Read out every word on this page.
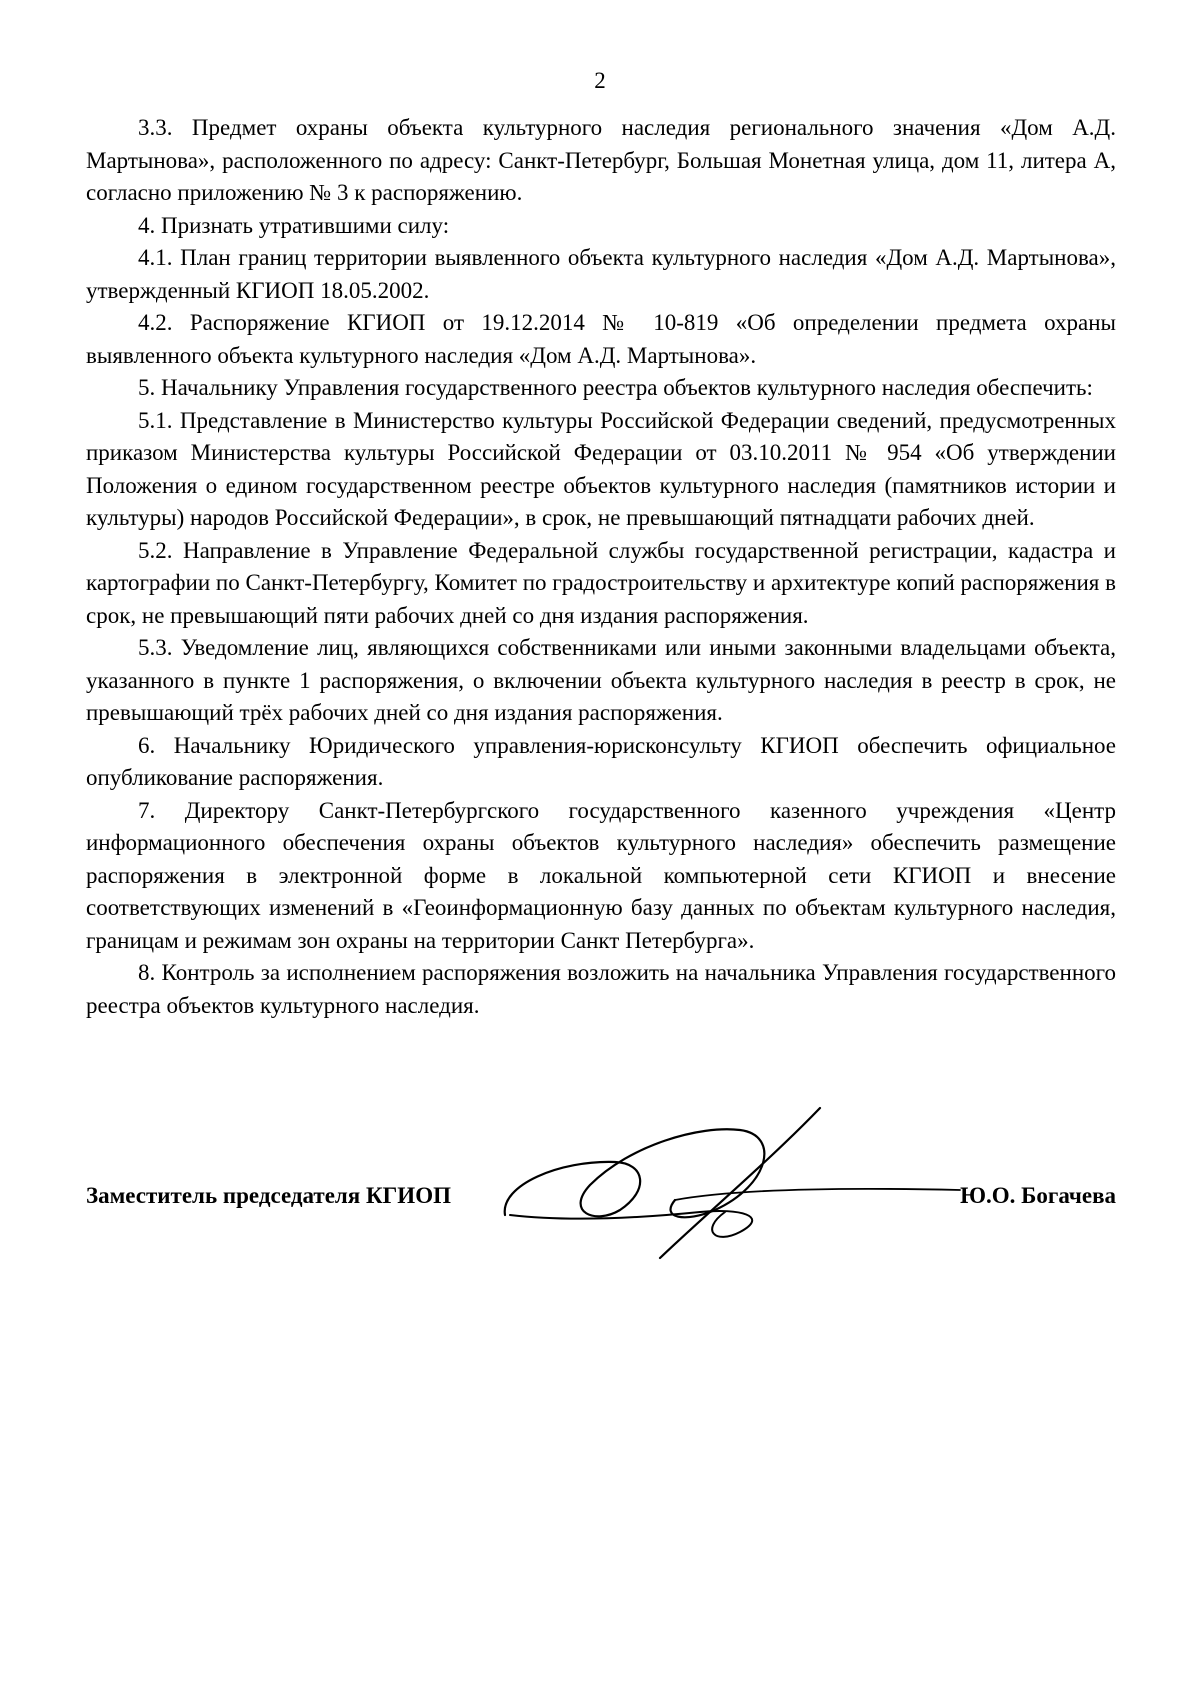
2

3.3. Предмет охраны объекта культурного наследия регионального значения «Дом А.Д. Мартынова», расположенного по адресу: Санкт-Петербург, Большая Монетная улица, дом 11, литера А, согласно приложению № 3 к распоряжению.

4. Признать утратившими силу:

4.1. План границ территории выявленного объекта культурного наследия «Дом А.Д. Мартынова», утвержденный КГИОП 18.05.2002.

4.2. Распоряжение КГИОП от 19.12.2014 № 10-819 «Об определении предмета охраны выявленного объекта культурного наследия «Дом А.Д. Мартынова».

5. Начальнику Управления государственного реестра объектов культурного наследия обеспечить:

5.1. Представление в Министерство культуры Российской Федерации сведений, предусмотренных приказом Министерства культуры Российской Федерации от 03.10.2011 № 954 «Об утверждении Положения о едином государственном реестре объектов культурного наследия (памятников истории и культуры) народов Российской Федерации», в срок, не превышающий пятнадцати рабочих дней.

5.2. Направление в Управление Федеральной службы государственной регистрации, кадастра и картографии по Санкт-Петербургу, Комитет по градостроительству и архитектуре копий распоряжения в срок, не превышающий пяти рабочих дней со дня издания распоряжения.

5.3. Уведомление лиц, являющихся собственниками или иными законными владельцами объекта, указанного в пункте 1 распоряжения, о включении объекта культурного наследия в реестр в срок, не превышающий трёх рабочих дней со дня издания распоряжения.

6. Начальнику Юридического управления-юрисконсульту КГИОП обеспечить официальное опубликование распоряжения.

7. Директору Санкт-Петербургского государственного казенного учреждения «Центр информационного обеспечения охраны объектов культурного наследия» обеспечить размещение распоряжения в электронной форме в локальной компьютерной сети КГИОП и внесение соответствующих изменений в «Геоинформационную базу данных по объектам культурного наследия, границам и режимам зон охраны на территории Санкт Петербурга».

8. Контроль за исполнением распоряжения возложить на начальника Управления государственного реестра объектов культурного наследия.

Заместитель председателя КГИОП	Ю.О. Богачева
